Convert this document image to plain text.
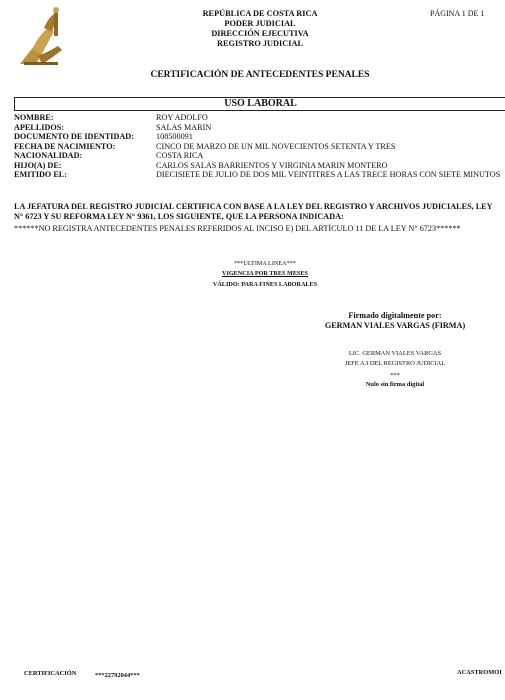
REPÚBLICA DE COSTA RICA
PODER JUDICIAL
DIRECCIÓN EJECUTIVA
REGISTRO JUDICIAL
PÁGINA 1 DE 1
CERTIFICACIÓN DE ANTECEDENTES PENALES
USO LABORAL
NOMBRE:	ROY ADOLFO
APELLIDOS:	SALAS MARIN
DOCUMENTO DE IDENTIDAD:	108500091
FECHA DE NACIMIENTO:	CINCO DE MARZO DE UN MIL NOVECIENTOS SETENTA Y TRES
NACIONALIDAD:	COSTA RICA
HIJO(A) DE:	CARLOS SALAS BARRIENTOS Y VIRGINIA MARIN MONTERO
EMITIDO EL:	DIECISIETE DE JULIO DE DOS MIL VEINTITRES A LAS TRECE HORAS CON SIETE MINUTOS
LA JEFATURA DEL REGISTRO JUDICIAL CERTIFICA CON BASE A LA LEY DEL REGISTRO Y ARCHIVOS JUDICIALES, LEY N° 6723 Y SU REFORMA LEY N° 9361, LOS SIGUIENTE, QUE LA PERSONA INDICADA:
******NO REGISTRA ANTECEDENTES PENALES REFERIDOS AL INCISO E) DEL ARTÍCULO 11 DE LA LEY N° 6723******
***ULTIMA LINEA***
VIGENCIA POR TRES MESES
VÁLIDO: PARA FINES LABORALES
Firmado digitalmente por:
GERMAN VIALES VARGAS (FIRMA)
LIC. GERMAN VIALES VARGAS
JEFE A.I DEL REGISTRO JUDICIAL
***
Nulo sin firma digital
CERTIFICACIÓN	***22792044***	ACASTROMOI
